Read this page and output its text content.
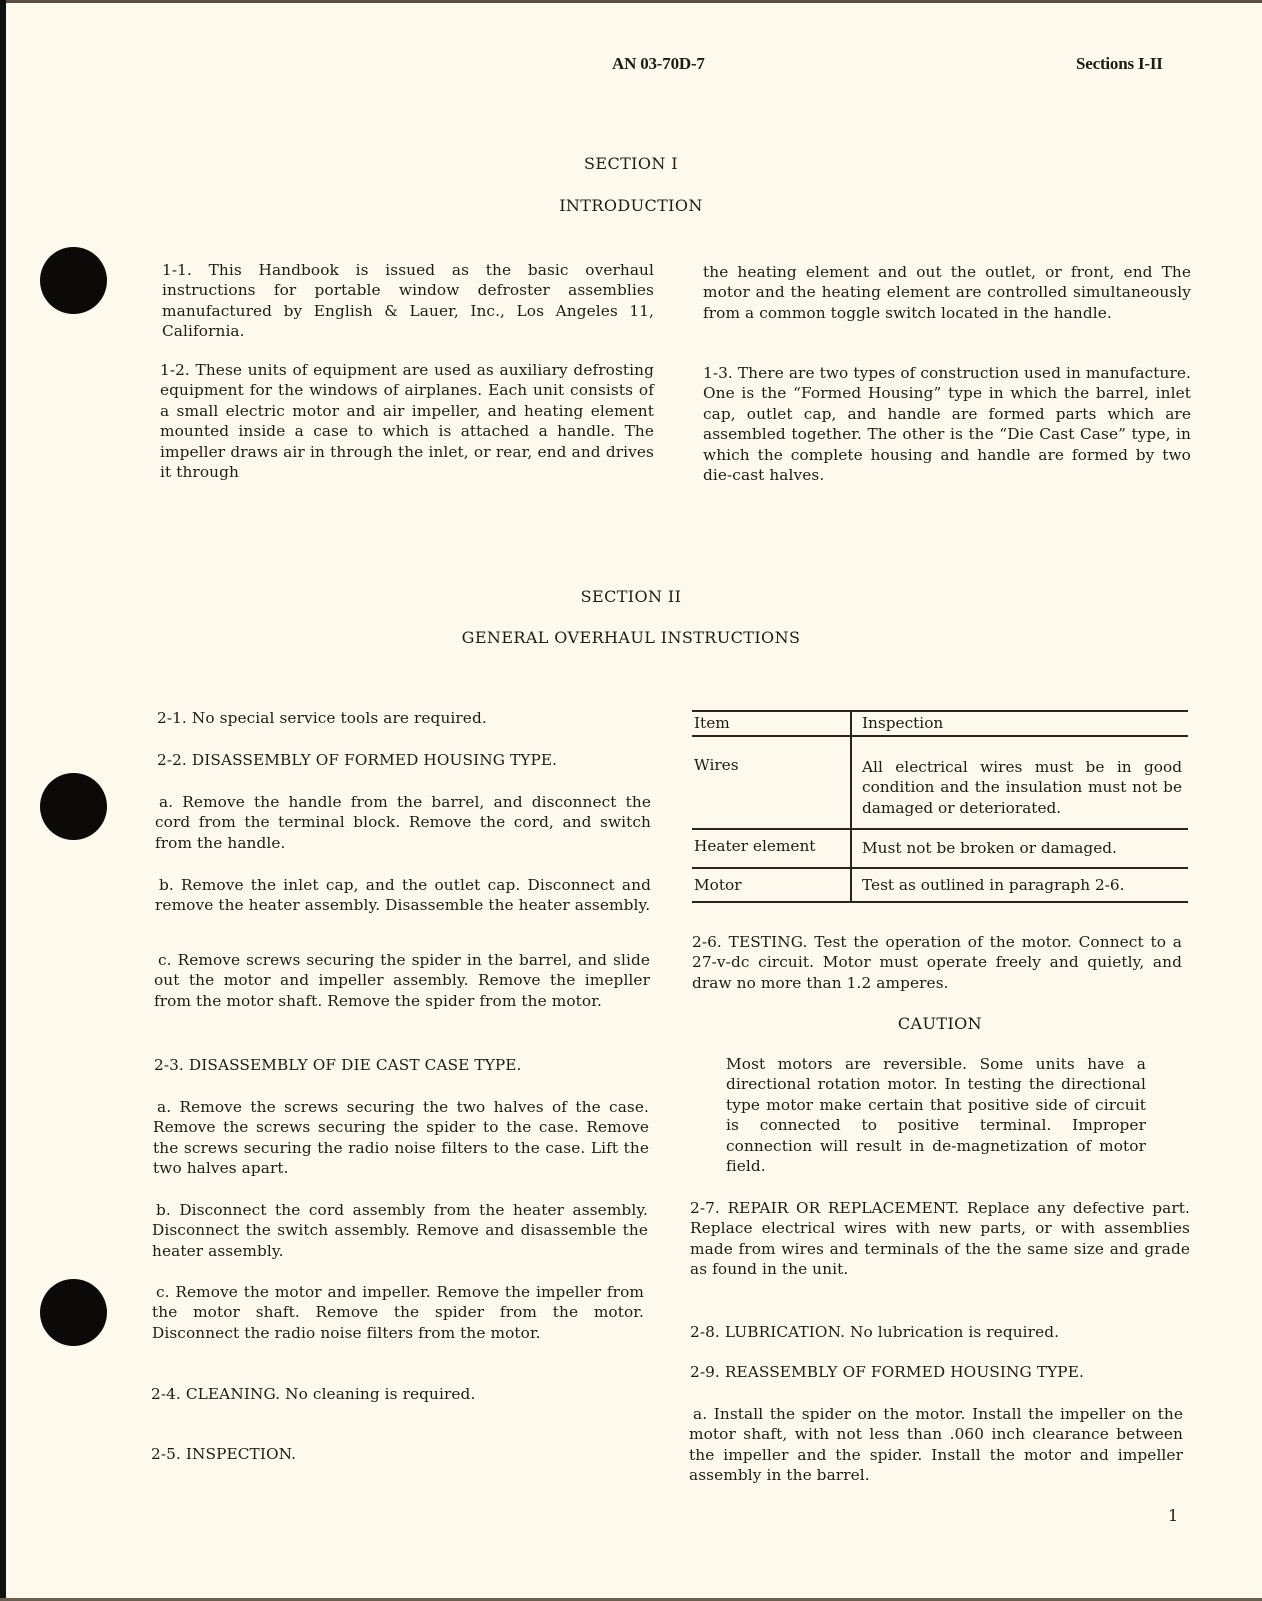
AN 03-70D-7	Sections I-II
SECTION I
INTRODUCTION

1-1. This Handbook is issued as the basic overhaul instructions for portable window defroster assemblies manufactured by English & Lauer, Inc., Los Angeles 11, California.

1-2. These units of equipment are used as auxiliary defrosting equipment for the windows of airplanes. Each unit consists of a small electric motor and air impeller, and heating element mounted inside a case to which is attached a handle. The impeller draws air in through the inlet, or rear, end and drives it through

the heating element and out the outlet, or front, end The motor and the heating element are controlled simultaneously from a common toggle switch located in the handle.

1-3. There are two types of construction used in manufacture. One is the “Formed Housing” type in which the barrel, inlet cap, outlet cap, and handle are formed parts which are assembled together. The other is the “Die Cast Case” type, in which the complete housing and handle are formed by two die-cast halves.

SECTION II
GENERAL OVERHAUL INSTRUCTIONS

2-1. No special service tools are required.

2-2. DISASSEMBLY OF FORMED HOUSING TYPE.

a. Remove the handle from the barrel, and disconnect the cord from the terminal block. Remove the cord, and switch from the handle.

b. Remove the inlet cap, and the outlet cap. Disconnect and remove the heater assembly. Disassemble the heater assembly.

c. Remove screws securing the spider in the barrel, and slide out the motor and impeller assembly. Remove the imepller from the motor shaft. Remove the spider from the motor.

2-3. DISASSEMBLY OF DIE CAST CASE TYPE.

a. Remove the screws securing the two halves of the case. Remove the screws securing the spider to the case. Remove the screws securing the radio noise filters to the case. Lift the two halves apart.

b. Disconnect the cord assembly from the heater assembly. Disconnect the switch assembly. Remove and disassemble the heater assembly.

c. Remove the motor and impeller. Remove the impeller from the motor shaft. Remove the spider from the motor. Disconnect the radio noise filters from the motor.

2-4. CLEANING. No cleaning is required.

2-5. INSPECTION.

Item	Inspection
Wires	All electrical wires must be in good condition and the insulation must not be damaged or deteriorated.
Heater element	Must not be broken or damaged.
Motor	Test as outlined in paragraph 2-6.

2-6. TESTING. Test the operation of the motor. Connect to a 27-v-dc circuit. Motor must operate freely and quietly, and draw no more than 1.2 amperes.

CAUTION

Most motors are reversible. Some units have a directional rotation motor. In testing the directional type motor make certain that positive side of circuit is connected to positive terminal. Improper connection will result in de-magnetization of motor field.

2-7. REPAIR OR REPLACEMENT. Replace any defective part. Replace electrical wires with new parts, or with assemblies made from wires and terminals of the the same size and grade as found in the unit.

2-8. LUBRICATION. No lubrication is required.

2-9. REASSEMBLY OF FORMED HOUSING TYPE.

a. Install the spider on the motor. Install the impeller on the motor shaft, with not less than .060 inch clearance between the impeller and the spider. Install the motor and impeller assembly in the barrel.

1
